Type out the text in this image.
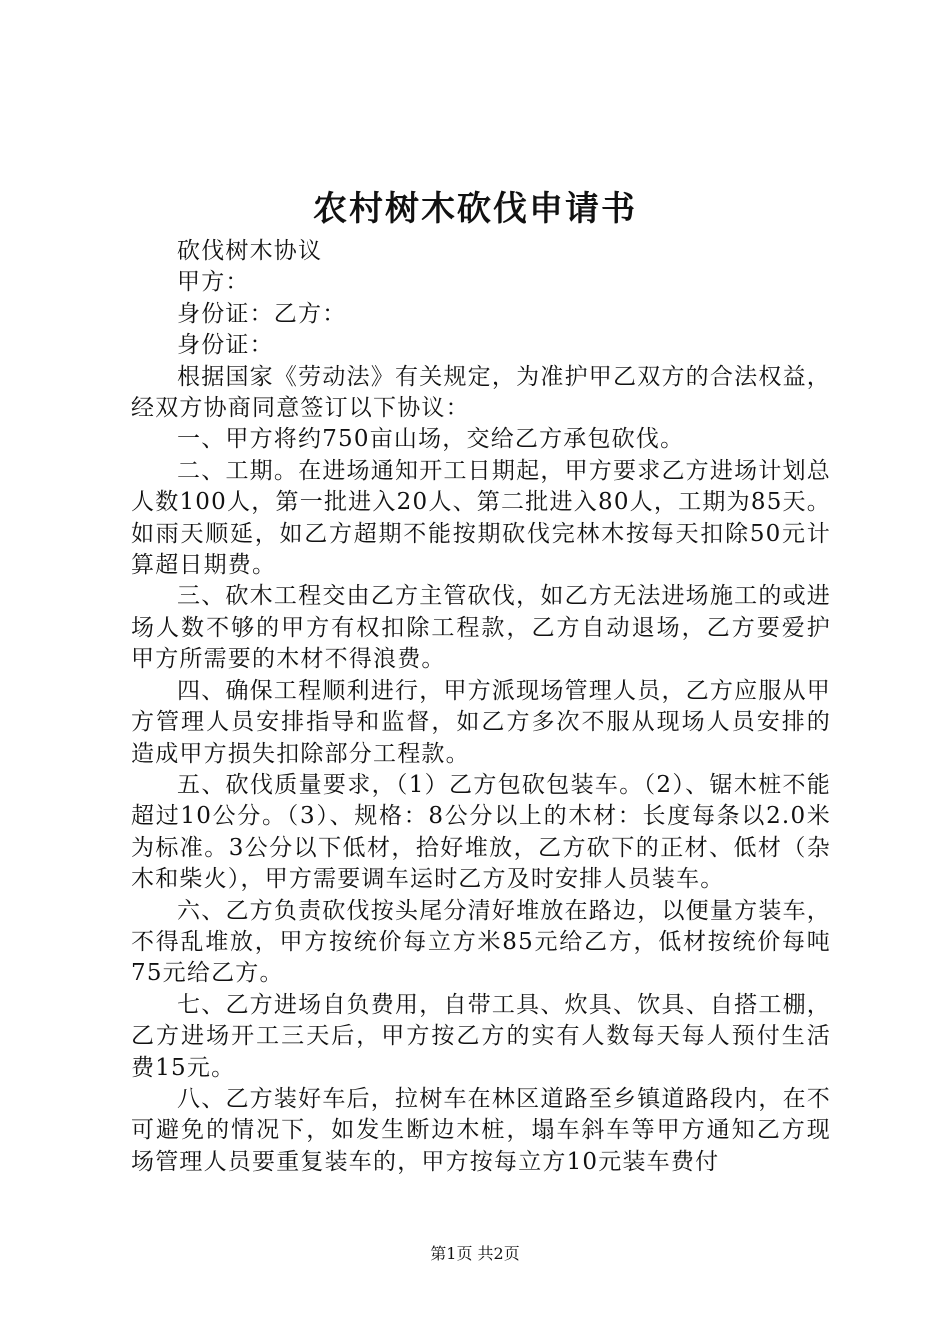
农村树木砍伐申请书

砍伐树木协议

甲方：

身份证：乙方：

身份证：

根据国家《劳动法》有关规定，为准护甲乙双方的合法权益，经双方协商同意签订以下协议：

一、甲方将约750亩山场，交给乙方承包砍伐。

二、工期。在进场通知开工日期起，甲方要求乙方进场计划总人数100人，第一批进入20人、第二批进入80人，工期为85天。如雨天顺延，如乙方超期不能按期砍伐完林木按每天扣除50元计算超日期费。

三、砍木工程交由乙方主管砍伐，如乙方无法进场施工的或进场人数不够的甲方有权扣除工程款，乙方自动退场，乙方要爱护甲方所需要的木材不得浪费。

四、确保工程顺利进行，甲方派现场管理人员，乙方应服从甲方管理人员安排指导和监督，如乙方多次不服从现场人员安排的造成甲方损失扣除部分工程款。

五、砍伐质量要求，（1）乙方包砍包装车。（2）、锯木桩不能超过10公分。（3）、规格：8公分以上的木材：长度每条以2.0米为标准。3公分以下低材，拾好堆放，乙方砍下的正材、低材（杂木和柴火），甲方需要调车运时乙方及时安排人员装车。

六、乙方负责砍伐按头尾分清好堆放在路边，以便量方装车，不得乱堆放，甲方按统价每立方米85元给乙方，低材按统价每吨75元给乙方。

七、乙方进场自负费用，自带工具、炊具、饮具、自搭工棚，乙方进场开工三天后，甲方按乙方的实有人数每天每人预付生活费15元。

八、乙方装好车后，拉树车在林区道路至乡镇道路段内，在不可避免的情况下，如发生断边木桩，塌车斜车等甲方通知乙方现场管理人员要重复装车的，甲方按每立方10元装车费付

第1页 共2页
